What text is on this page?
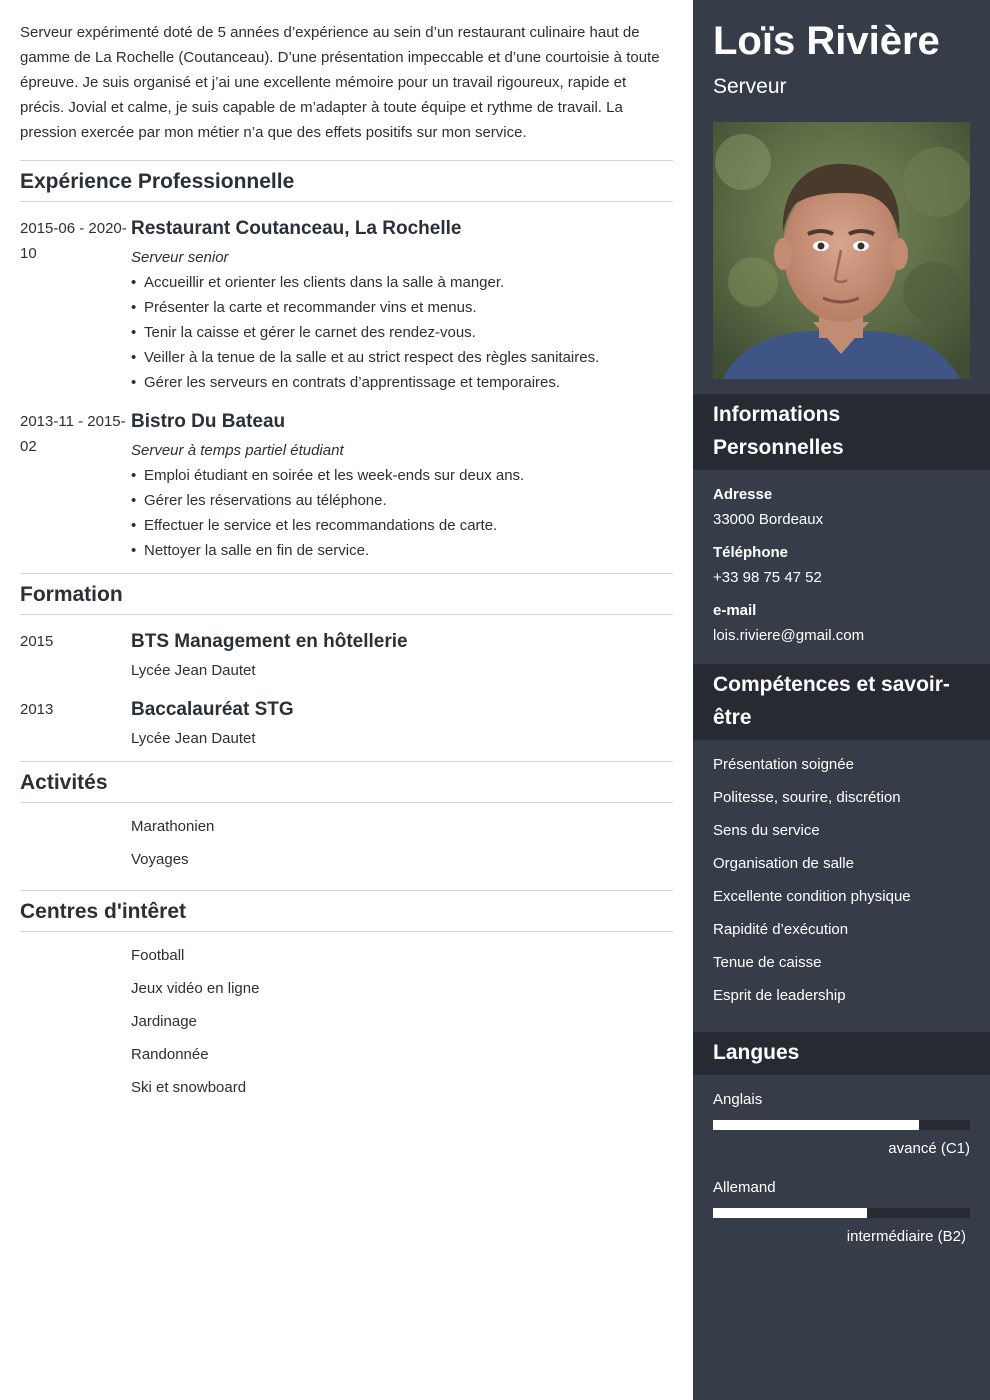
Serveur expérimenté doté de 5 années d’expérience au sein d’un restaurant culinaire haut de gamme de La Rochelle (Coutanceau). D’une présentation impeccable et d’une courtoisie à toute épreuve. Je suis organisé et j’ai une excellente mémoire pour un travail rigoureux, rapide et précis. Jovial et calme, je suis capable de m’adapter à toute équipe et rythme de travail. La pression exercée par mon métier n’a que des effets positifs sur mon service.

Expérience Professionnelle
2015-06 - 2020-10
Restaurant Coutanceau, La Rochelle
Serveur senior
• Accueillir et orienter les clients dans la salle à manger.
• Présenter la carte et recommander vins et menus.
• Tenir la caisse et gérer le carnet des rendez-vous.
• Veiller à la tenue de la salle et au strict respect des règles sanitaires.
• Gérer les serveurs en contrats d’apprentissage et temporaires.
2013-11 - 2015-02
Bistro Du Bateau
Serveur à temps partiel étudiant
• Emploi étudiant en soirée et les week-ends sur deux ans.
• Gérer les réservations au téléphone.
• Effectuer le service et les recommandations de carte.
• Nettoyer la salle en fin de service.
Formation
2015	BTS Management en hôtellerie
Lycée Jean Dautet
2013	Baccalauréat STG
Lycée Jean Dautet
Activités
Marathonien
Voyages
Centres d'intêret
Football
Jeux vidéo en ligne
Jardinage
Randonnée
Ski et snowboard
Loïs Rivière
Serveur
Informations Personnelles
Adresse
33000 Bordeaux
Téléphone
+33 98 75 47 52
e-mail
lois.riviere@gmail.com
Compétences et savoir-être
Présentation soignée
Politesse, sourire, discrétion
Sens du service
Organisation de salle
Excellente condition physique
Rapidité d’exécution
Tenue de caisse
Esprit de leadership
Langues
Anglais
avancé (C1)
Allemand
intermédiaire (B2)
